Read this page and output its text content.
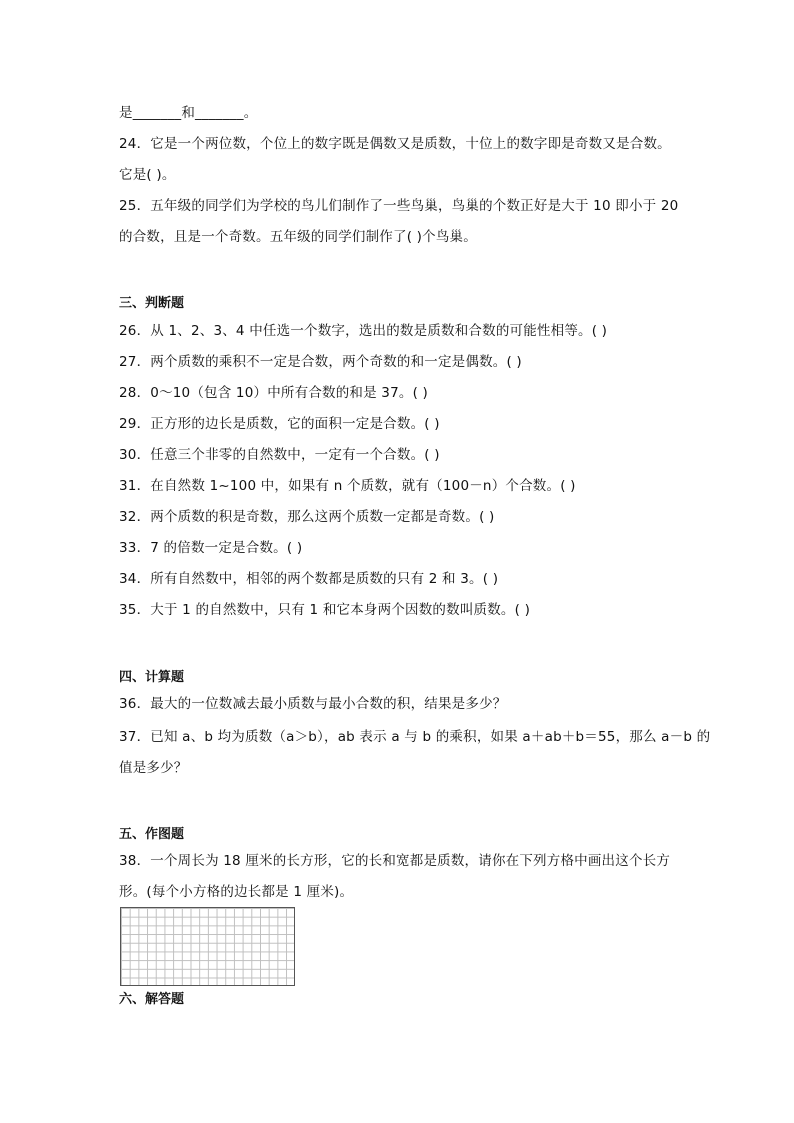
是_______和_______。
24．它是一个两位数，个位上的数字既是偶数又是质数，十位上的数字即是奇数又是合数。
它是( )。
25．五年级的同学们为学校的鸟儿们制作了一些鸟巢，鸟巢的个数正好是大于 10 即小于 20
的合数，且是一个奇数。五年级的同学们制作了( )个鸟巢。
三、判断题
26．从 1、2、3、4 中任选一个数字，选出的数是质数和合数的可能性相等。( )
27．两个质数的乘积不一定是合数，两个奇数的和一定是偶数。( )
28．0～10（包含 10）中所有合数的和是 37。( )
29．正方形的边长是质数，它的面积一定是合数。( )
30．任意三个非零的自然数中，一定有一个合数。( )
31．在自然数 1~100 中，如果有 n 个质数，就有（100－n）个合数。( )
32．两个质数的积是奇数，那么这两个质数一定都是奇数。( )
33．7 的倍数一定是合数。( )
34．所有自然数中，相邻的两个数都是质数的只有 2 和 3。( )
35．大于 1 的自然数中，只有 1 和它本身两个因数的数叫质数。( )
四、计算题
36．最大的一位数减去最小质数与最小合数的积，结果是多少？
37．已知 a、b 均为质数（a＞b），ab 表示 a 与 b 的乘积，如果 a＋ab＋b＝55，那么 a－b 的
值是多少？
五、作图题
38．一个周长为 18 厘米的长方形，它的长和宽都是质数，请你在下列方格中画出这个长方
形。(每个小方格的边长都是 1 厘米)。
六、解答题
